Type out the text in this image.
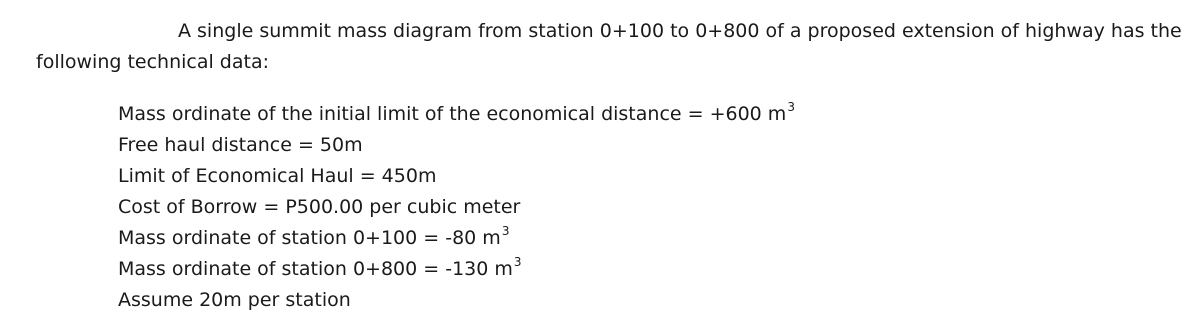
A single summit mass diagram from station 0+100 to 0+800 of a proposed extension of highway has the following technical data:

Mass ordinate of the initial limit of the economical distance = +600 $m^3$
Free haul distance = 50m
Limit of Economical Haul = 450m
Cost of Borrow = P500.00 per cubic meter
Mass ordinate of station 0+100 = -80 $m^3$
Mass ordinate of station 0+800 = -130 $m^3$
Assume 20m per station
